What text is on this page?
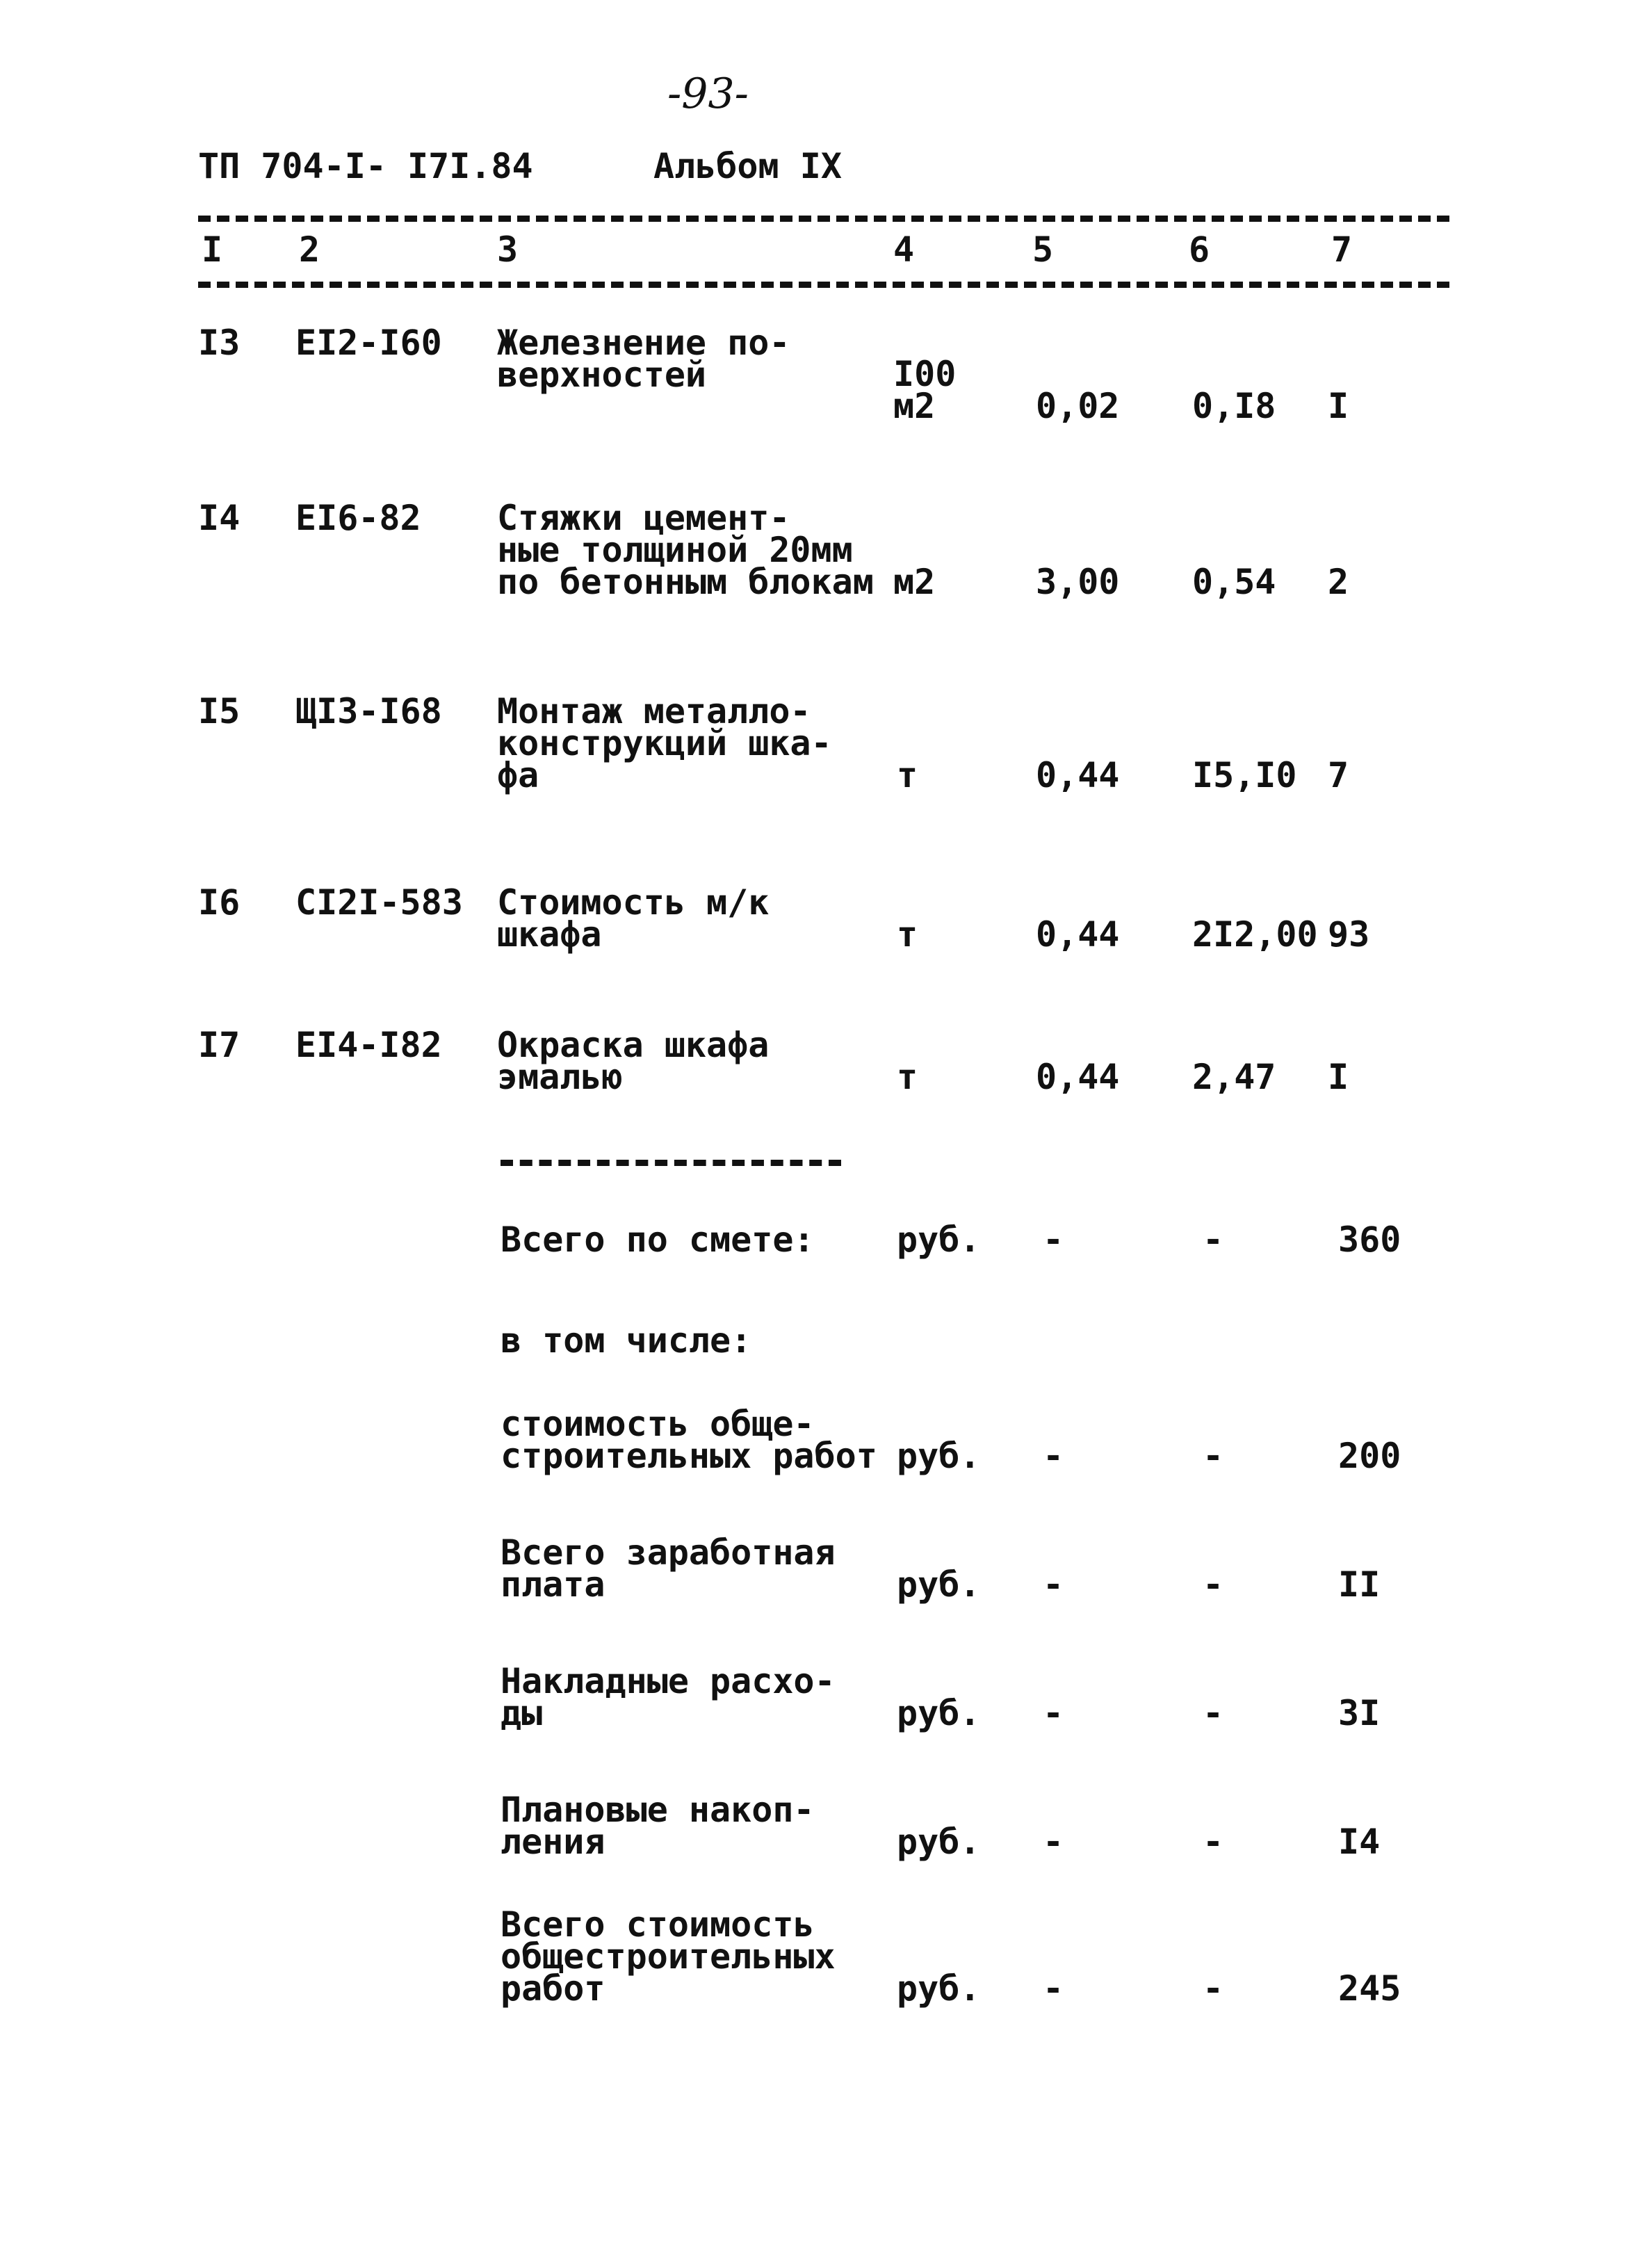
-93-
ТП 704-I- I7I.84	Альбом IX
I 2	3	4	5	6	7
I3 EI2-I60 Железнение по-
верхностей	I00
м2	0,02 0,I8 I
I4 EI6-82 Стяжки цемент-
ные толщиной 20мм
по бетонным блокам м2	3,00 0,54 2
I5 ЩI3-I68 Монтаж металло-
конструкций шка-
фа	т	0,44 I5,I0 7
I6 CI2I-583 Стоимость м/к
шкафа	т	0,44 2I2,00 93
I7 EI4-I82 Окраска шкафа
эмалью	т	0,44 2,47 I
Всего по смете: руб. -	-	360
в том числе:
стоимость обще-
строительных работ руб. -	-	200
Всего заработная
плата	руб. -	-	II
Накладные расхо-
ды	руб. -	-	3I
Плановые накоп-
ления	руб. -	-	I4
Всего стоимость
общестроительных
работ	руб. -	-	245
